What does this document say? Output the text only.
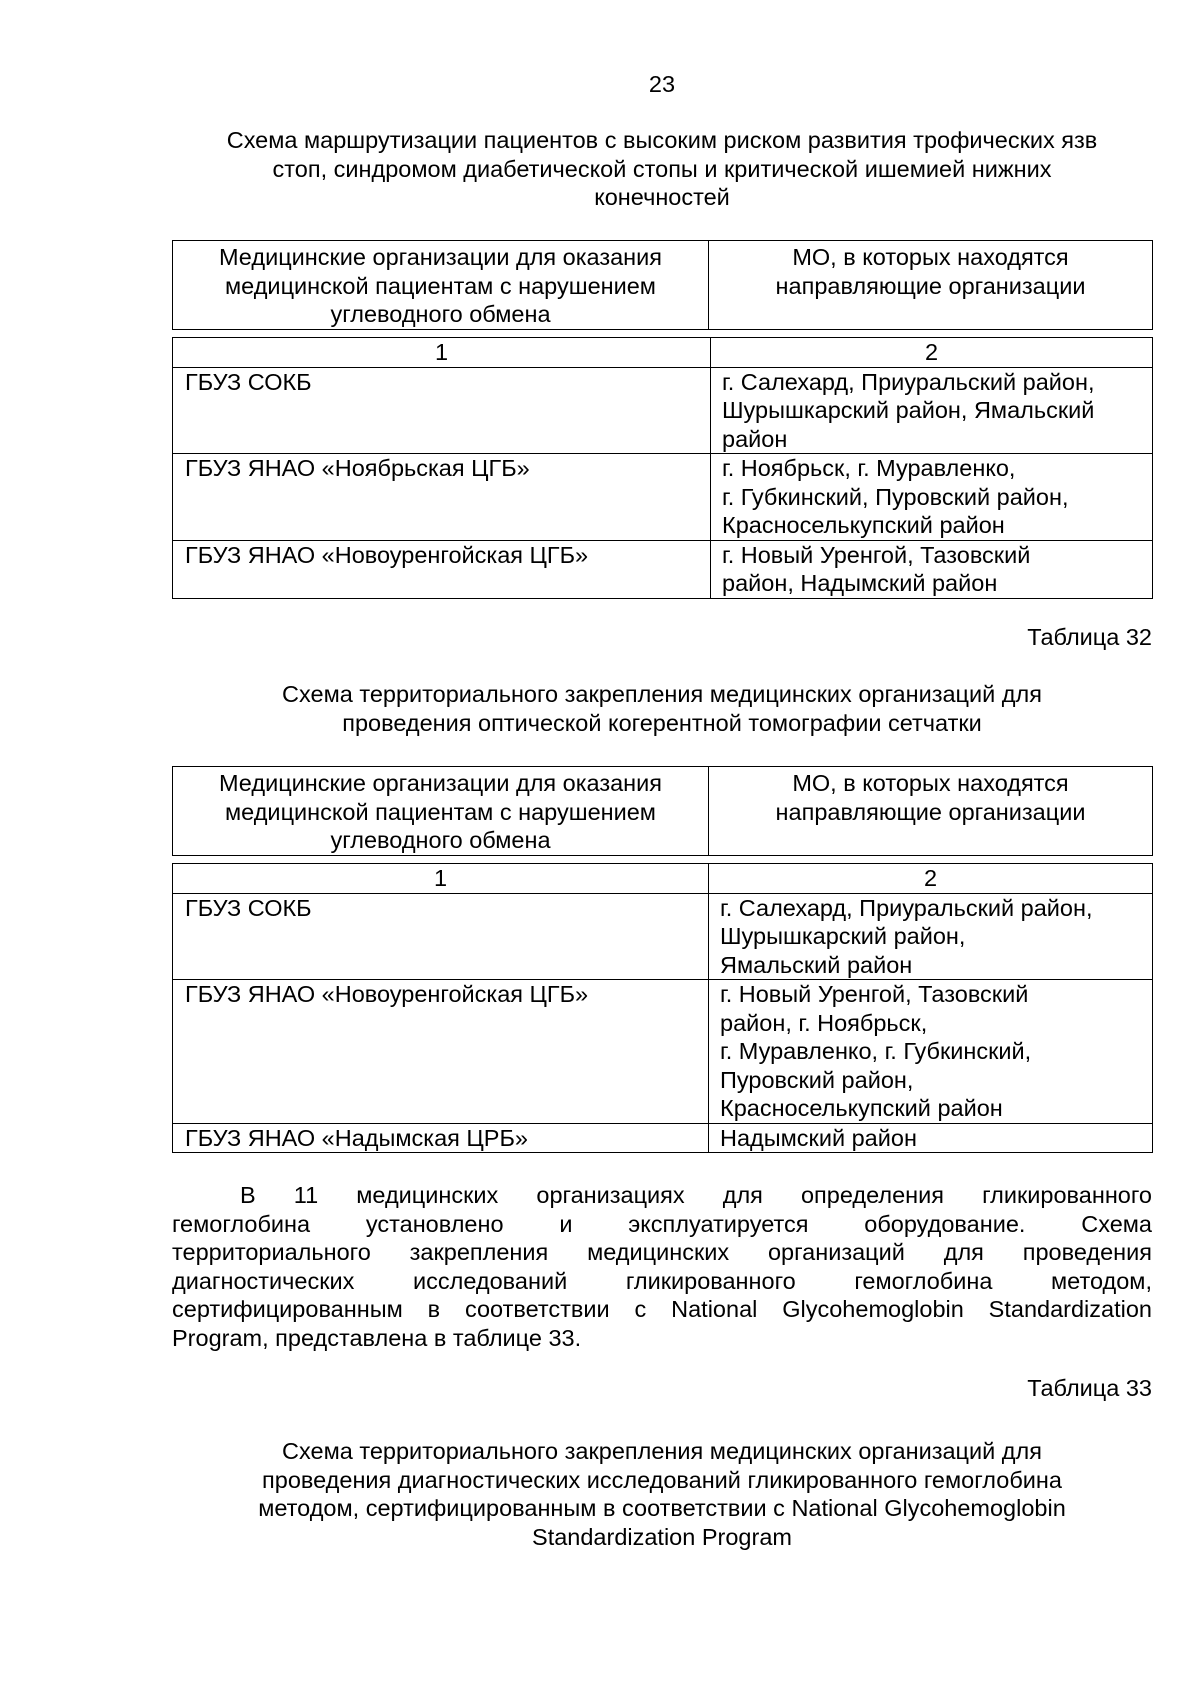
23
Схема маршрутизации пациентов с высоким риском развития трофических язв
стоп, синдромом диабетической стопы и критической ишемией нижних
конечностей
Медицинские организации для оказания
медицинской пациентам с нарушением
углеводного обмена

МО, в которых находятся
направляющие организации
1	2
ГБУЗ СОКБ	г. Салехард, Приуральский район,
Шурышкарский район, Ямальский
район

ГБУЗ ЯНАО «Ноябрьская ЦГБ»	г. Ноябрьск, г. Муравленко,
г. Губкинский, Пуровский район,
Красноселькупский район

ГБУЗ ЯНАО «Новоуренгойская ЦГБ»	г. Новый Уренгой, Тазовский
район, Надымский район
Таблица 32
Схема территориального закрепления медицинских организаций для
проведения оптической когерентной томографии сетчатки
Медицинские организации для оказания
медицинской пациентам с нарушением
углеводного обмена

МО, в которых находятся
направляющие организации
1	2
ГБУЗ СОКБ	г. Салехард, Приуральский район,
Шурышкарский район,
Ямальский район

ГБУЗ ЯНАО «Новоуренгойская ЦГБ»	г. Новый Уренгой, Тазовский
район, г. Ноябрьск,
г. Муравленко, г. Губкинский,
Пуровский район,
Красноселькупский район

ГБУЗ ЯНАО «Надымская ЦРБ»	Надымский район
В 11 медицинских организациях для определения гликированного
гемоглобина установлено и эксплуатируется оборудование. Схема
территориального закрепления медицинских организаций для проведения
диагностических исследований гликированного гемоглобина методом,
сертифицированным в соответствии с National Glycohemoglobin Standardization
Program, представлена в таблице 33.
Таблица 33
Схема территориального закрепления медицинских организаций для
проведения диагностических исследований гликированного гемоглобина
методом, сертифицированным в соответствии с National Glycohemoglobin
Standardization Program
